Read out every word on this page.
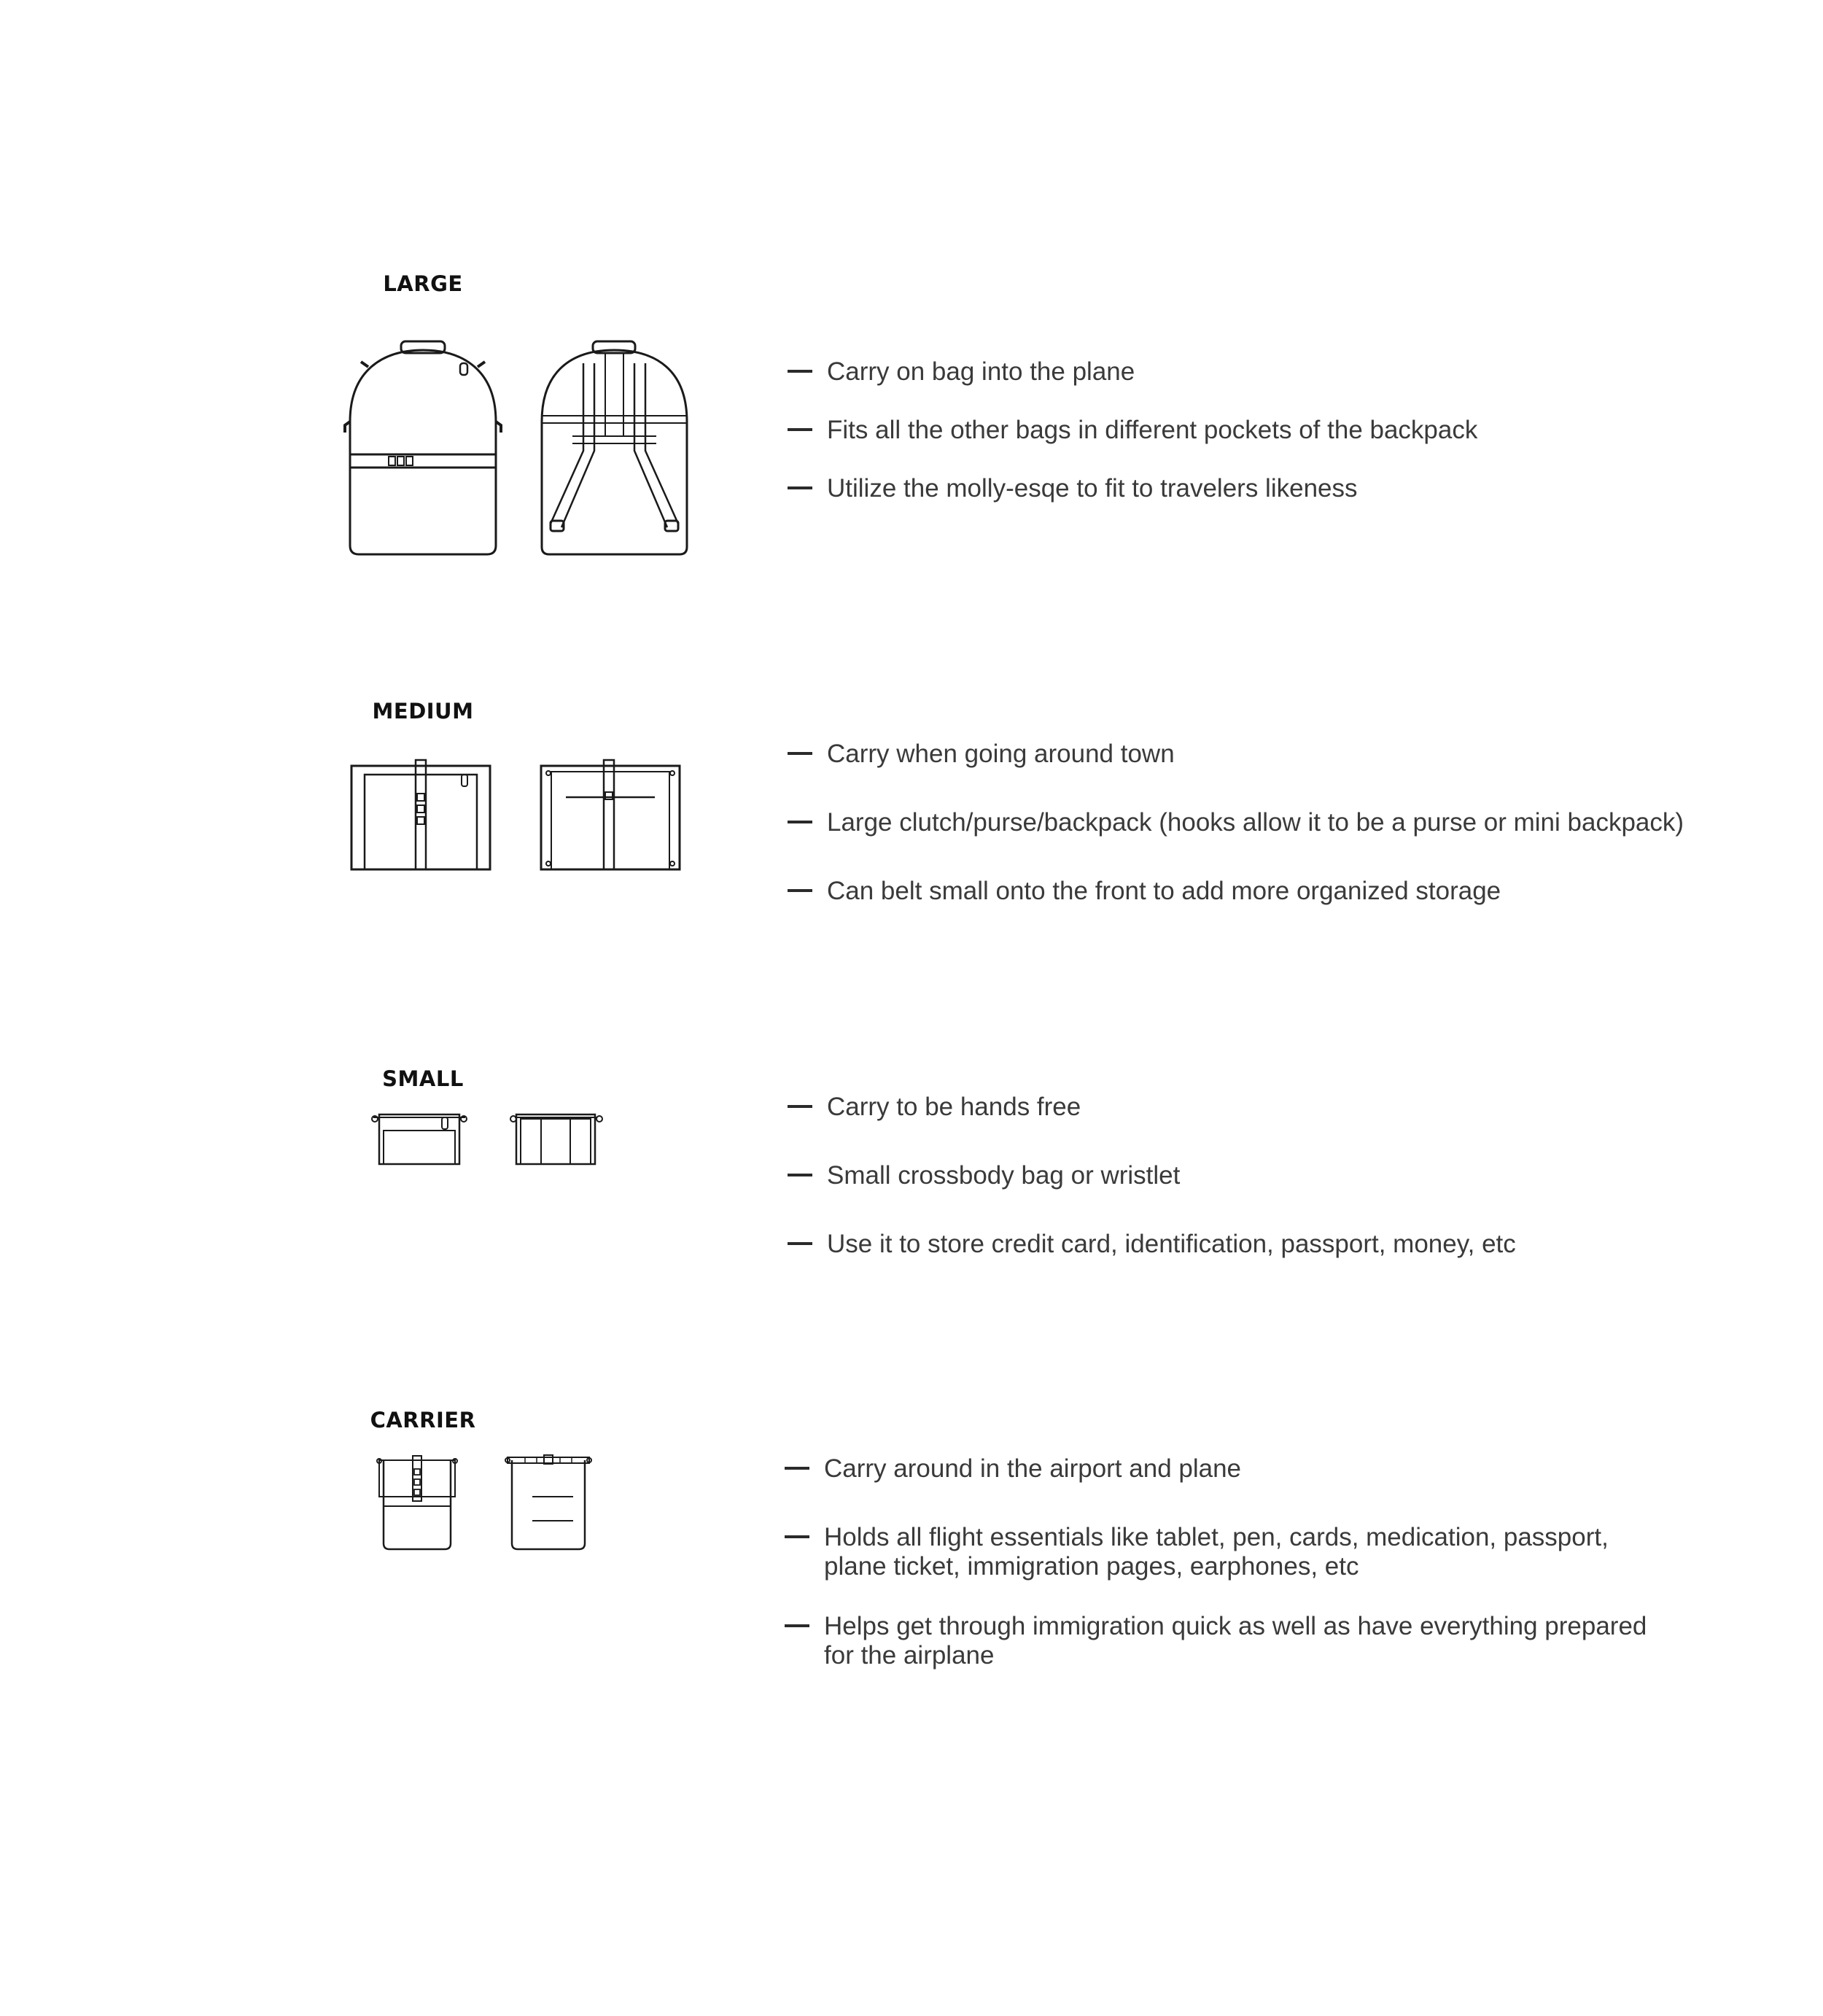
LARGE
Carry on bag into the plane
Fits all the other bags in different pockets of the backpack
Utilize the molly-esqe to fit to travelers likeness
MEDIUM
Carry when going around town
Large clutch/purse/backpack (hooks allow it to be a purse or mini backpack)
Can belt small onto the front to add more organized storage
SMALL
Carry to be hands free
Small crossbody bag or wristlet
Use it to store credit card, identification, passport, money, etc
CARRIER
Carry around in the airport and plane
Holds all flight essentials like tablet, pen, cards, medication, passport, plane ticket, immigration pages, earphones, etc
Helps get through immigration quick as well as have everything prepared for the airplane
